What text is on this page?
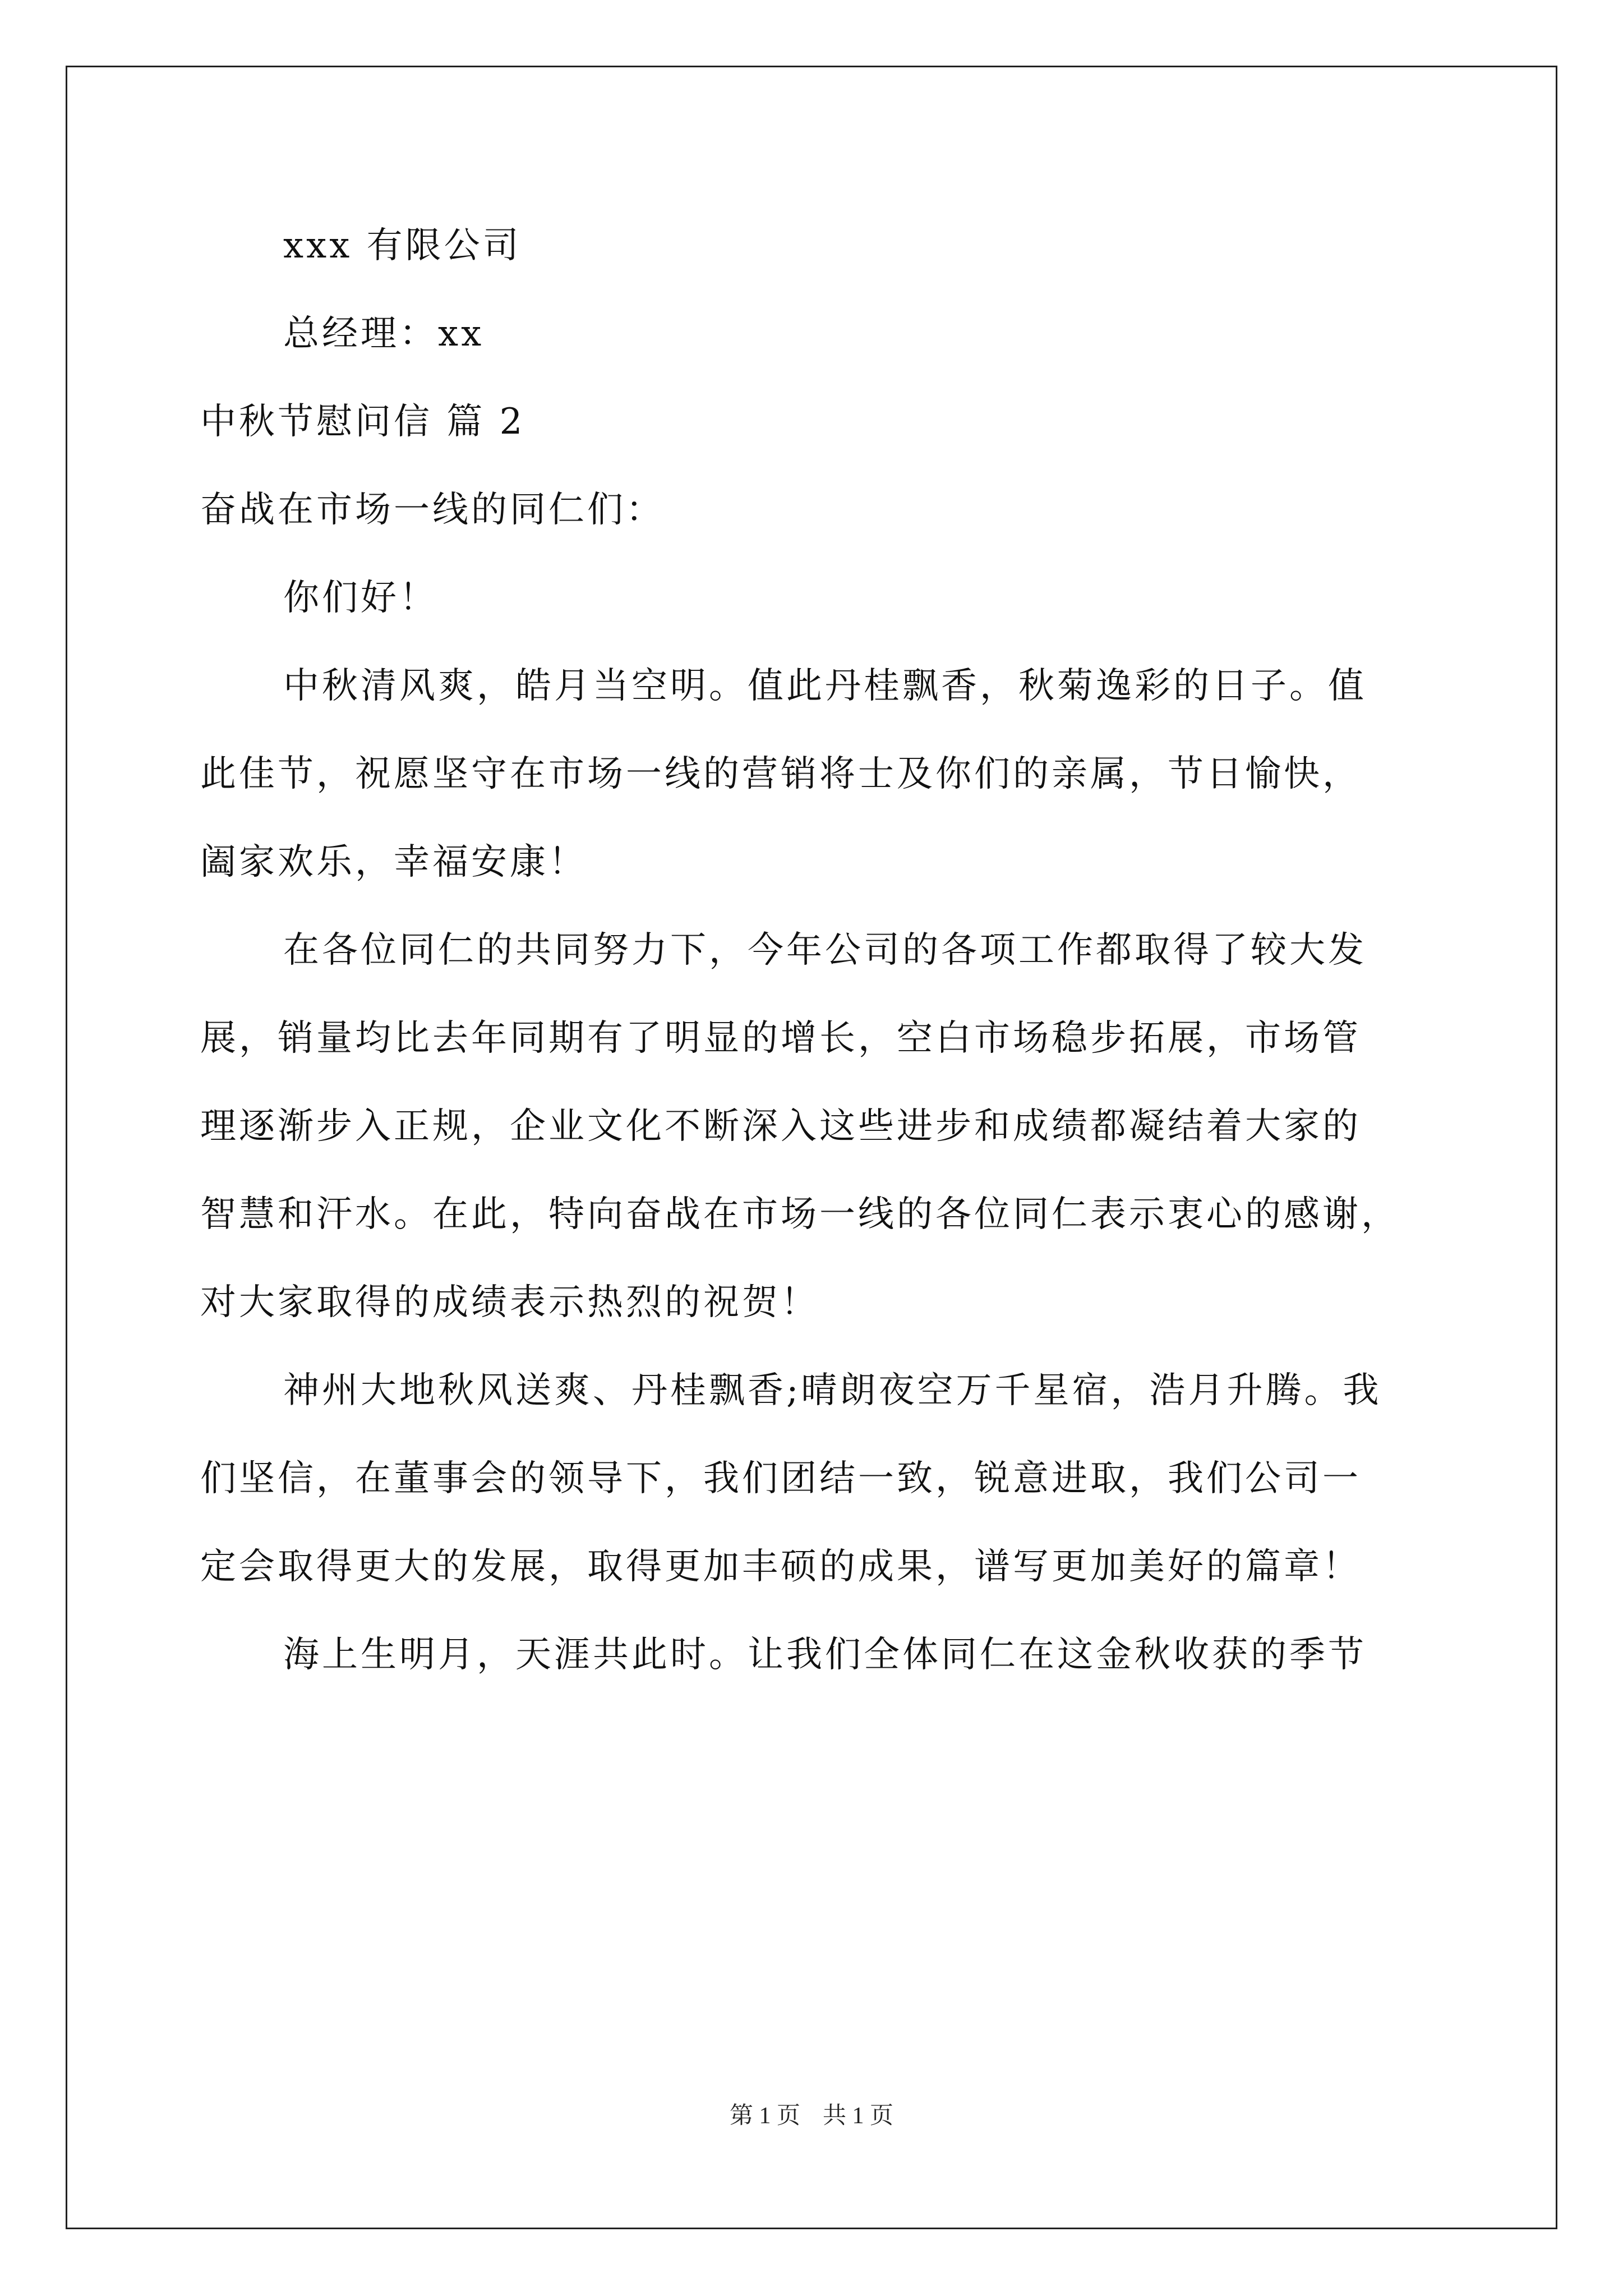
xxx 有限公司

总经理：xx

中秋节慰问信 篇 2

奋战在市场一线的同仁们：

你们好！

中秋清风爽，皓月当空明。值此丹桂飘香，秋菊逸彩的日子。值

此佳节，祝愿坚守在市场一线的营销将士及你们的亲属，节日愉快，

阖家欢乐，幸福安康！

在各位同仁的共同努力下，今年公司的各项工作都取得了较大发

展，销量均比去年同期有了明显的增长，空白市场稳步拓展，市场管

理逐渐步入正规，企业文化不断深入这些进步和成绩都凝结着大家的

智慧和汗水。在此，特向奋战在市场一线的各位同仁表示衷心的感谢，

对大家取得的成绩表示热烈的祝贺！

神州大地秋风送爽、丹桂飘香;晴朗夜空万千星宿，浩月升腾。我

们坚信，在董事会的领导下，我们团结一致，锐意进取，我们公司一

定会取得更大的发展，取得更加丰硕的成果，谱写更加美好的篇章！

海上生明月，天涯共此时。让我们全体同仁在这金秋收获的季节

第 1 页 共 1 页
